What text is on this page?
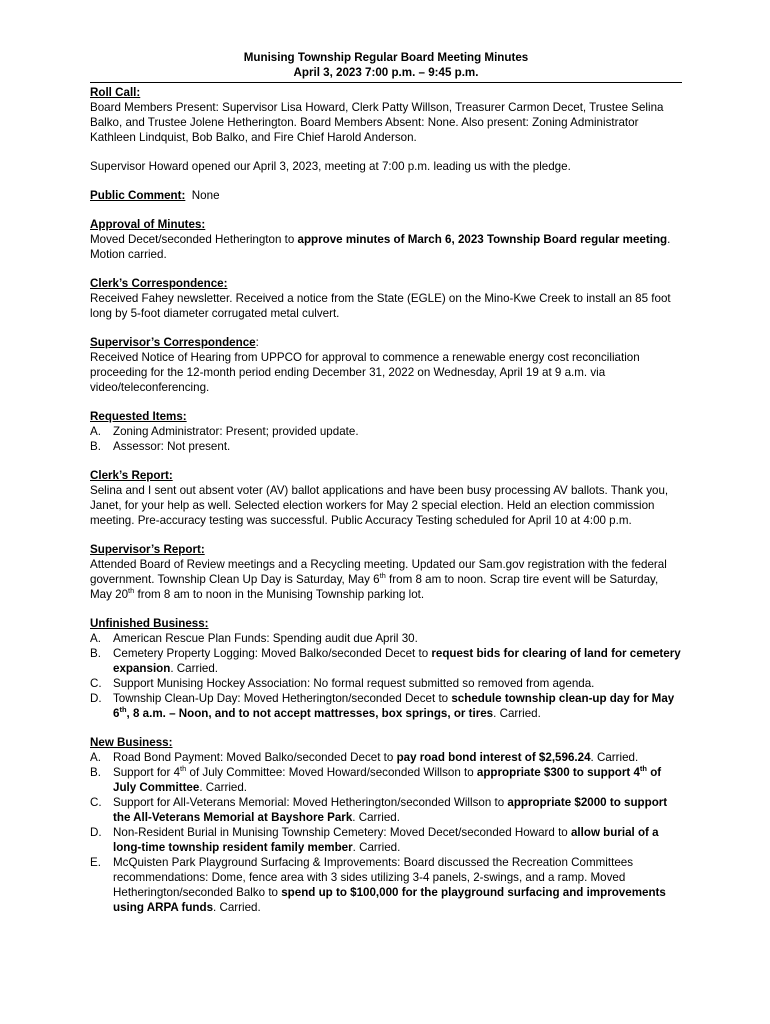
Munising Township Regular Board Meeting Minutes
April 3, 2023 7:00 p.m. – 9:45 p.m.
Roll Call:

Board Members Present: Supervisor Lisa Howard, Clerk Patty Willson, Treasurer Carmon Decet, Trustee Selina Balko, and Trustee Jolene Hetherington. Board Members Absent: None. Also present: Zoning Administrator Kathleen Lindquist, Bob Balko, and Fire Chief Harold Anderson.

Supervisor Howard opened our April 3, 2023, meeting at 7:00 p.m. leading us with the pledge.

Public Comment: None

Approval of Minutes:

Moved Decet/seconded Hetherington to approve minutes of March 6, 2023 Township Board regular meeting. Motion carried.

Clerk’s Correspondence:

Received Fahey newsletter. Received a notice from the State (EGLE) on the Mino-Kwe Creek to install an 85 foot long by 5-foot diameter corrugated metal culvert.

Supervisor’s Correspondence:

Received Notice of Hearing from UPPCO for approval to commence a renewable energy cost reconciliation proceeding for the 12-month period ending December 31, 2022 on Wednesday, April 19 at 9 a.m. via video/teleconferencing.

Requested Items:
A. Zoning Administrator: Present; provided update.
B. Assessor: Not present.
Clerk’s Report:

Selina and I sent out absent voter (AV) ballot applications and have been busy processing AV ballots. Thank you, Janet, for your help as well. Selected election workers for May 2 special election. Held an election commission meeting. Pre-accuracy testing was successful. Public Accuracy Testing scheduled for April 10 at 4:00 p.m.

Supervisor’s Report:

Attended Board of Review meetings and a Recycling meeting. Updated our Sam.gov registration with the federal government. Township Clean Up Day is Saturday, May 6th from 8 am to noon. Scrap tire event will be Saturday, May 20th from 8 am to noon in the Munising Township parking lot.

Unfinished Business:
A. American Rescue Plan Funds: Spending audit due April 30.
B. Cemetery Property Logging: Moved Balko/seconded Decet to request bids for clearing of land for cemetery expansion. Carried.
C. Support Munising Hockey Association: No formal request submitted so removed from agenda.
D. Township Clean-Up Day: Moved Hetherington/seconded Decet to schedule township clean-up day for May 6th, 8 a.m. – Noon, and to not accept mattresses, box springs, or tires. Carried.
New Business:
A. Road Bond Payment: Moved Balko/seconded Decet to pay road bond interest of $2,596.24. Carried.
B. Support for 4th of July Committee: Moved Howard/seconded Willson to appropriate $300 to support 4th of July Committee. Carried.
C. Support for All-Veterans Memorial: Moved Hetherington/seconded Willson to appropriate $2000 to support the All-Veterans Memorial at Bayshore Park. Carried.
D. Non-Resident Burial in Munising Township Cemetery: Moved Decet/seconded Howard to allow burial of a long-time township resident family member. Carried.
E. McQuisten Park Playground Surfacing & Improvements: Board discussed the Recreation Committees recommendations: Dome, fence area with 3 sides utilizing 3-4 panels, 2-swings, and a ramp. Moved Hetherington/seconded Balko to spend up to $100,000 for the playground surfacing and improvements using ARPA funds. Carried.
